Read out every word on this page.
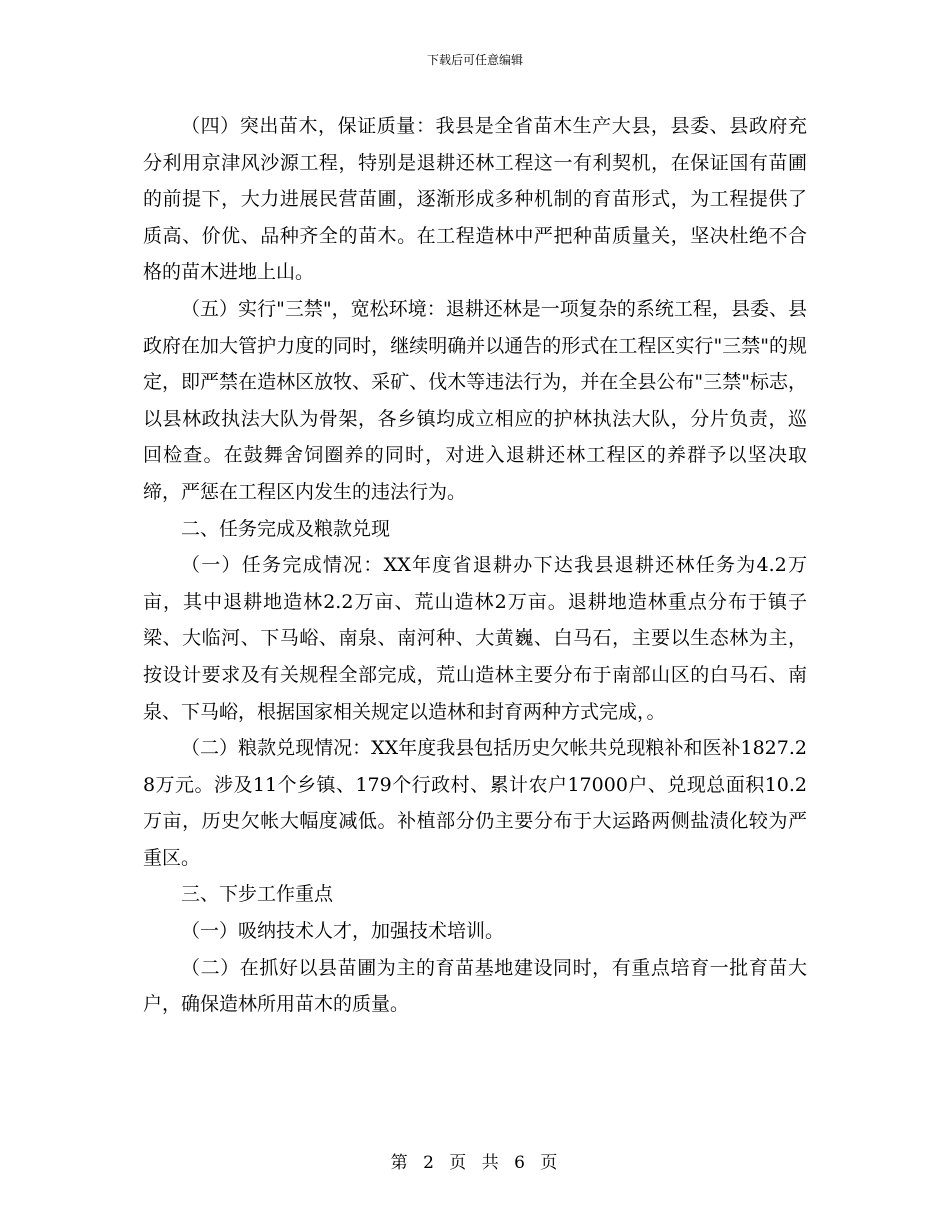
下载后可任意编辑

（四）突出苗木，保证质量：我县是全省苗木生产大县，县委、县政府充分利用京津风沙源工程，特别是退耕还林工程这一有利契机，在保证国有苗圃的前提下，大力进展民营苗圃，逐渐形成多种机制的育苗形式，为工程提供了质高、价优、品种齐全的苗木。在工程造林中严把种苗质量关，坚决杜绝不合格的苗木进地上山。

（五）实行"三禁"，宽松环境：退耕还林是一项复杂的系统工程，县委、县政府在加大管护力度的同时，继续明确并以通告的形式在工程区实行"三禁"的规定，即严禁在造林区放牧、采矿、伐木等违法行为，并在全县公布"三禁"标志，以县林政执法大队为骨架，各乡镇均成立相应的护林执法大队，分片负责，巡回检查。在鼓舞舍饲圈养的同时，对进入退耕还林工程区的养群予以坚决取缔，严惩在工程区内发生的违法行为。

二、任务完成及粮款兑现

（一）任务完成情况：XX年度省退耕办下达我县退耕还林任务为4.2万亩，其中退耕地造林2.2万亩、荒山造林2万亩。退耕地造林重点分布于镇子梁、大临河、下马峪、南泉、南河种、大黄巍、白马石，主要以生态林为主，按设计要求及有关规程全部完成，荒山造林主要分布于南部山区的白马石、南泉、下马峪，根据国家相关规定以造林和封育两种方式完成，。

（二）粮款兑现情况：XX年度我县包括历史欠帐共兑现粮补和医补1827.28万元。涉及11个乡镇、179个行政村、累计农户17000户、兑现总面积10.2万亩，历史欠帐大幅度减低。补植部分仍主要分布于大运路两侧盐渍化较为严重区。

三、下步工作重点

（一）吸纳技术人才，加强技术培训。

（二）在抓好以县苗圃为主的育苗基地建设同时，有重点培育一批育苗大户，确保造林所用苗木的质量。

第 2 页 共 6 页
